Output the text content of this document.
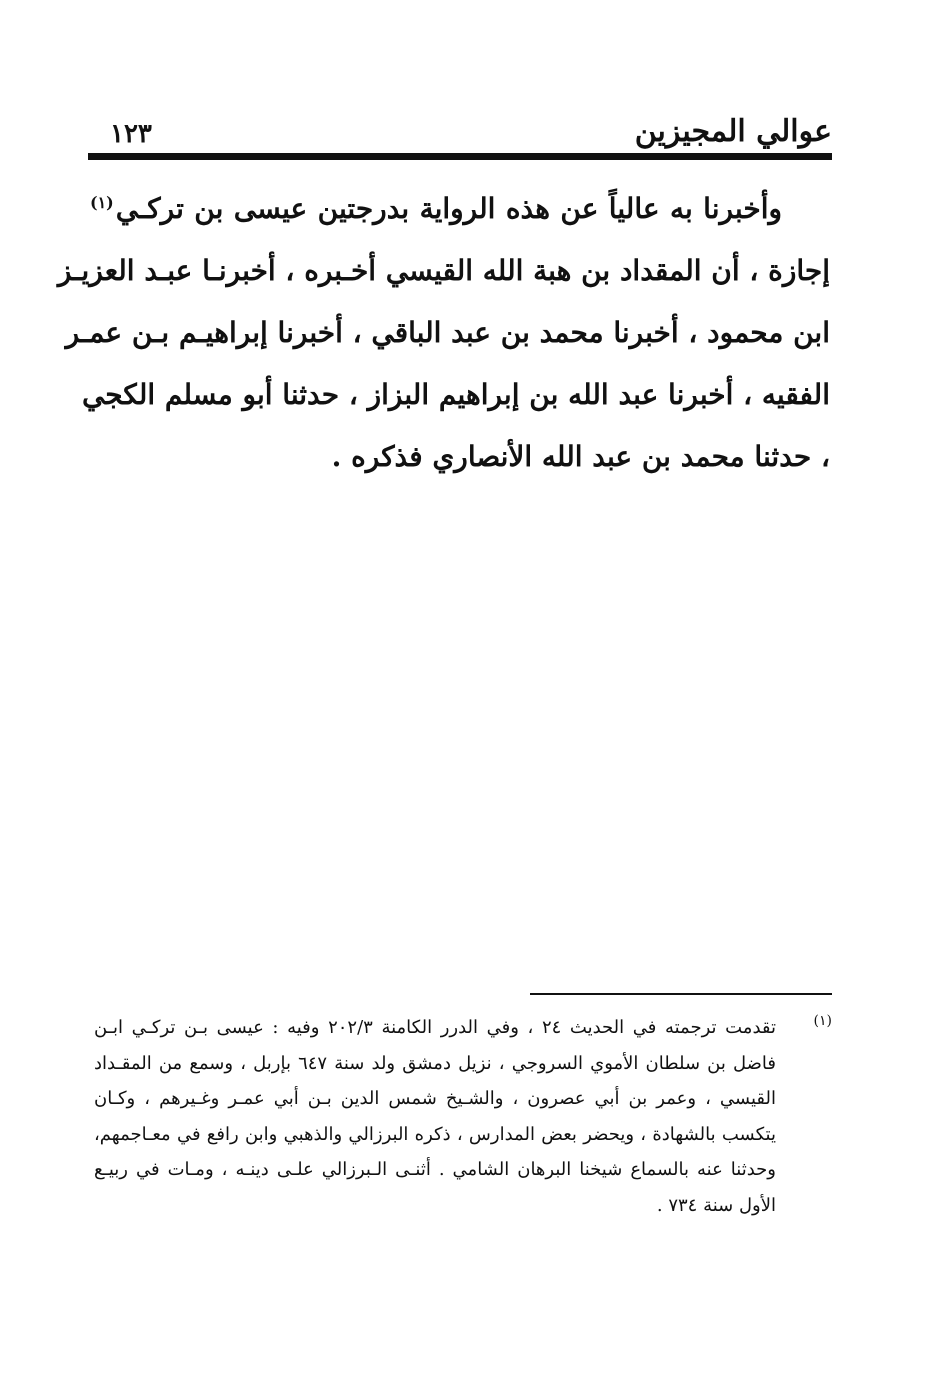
عوالي المجيزين
١٢٣
وأخبرنا به عالياً عن هذه الرواية بدرجتين عيسى بن تركـي$^{(١)}$
إجازة ، أن المقداد بن هبة الله القيسي أخـبره ، أخبرنـا عبـد العزيـز
ابن محمود ، أخبرنا محمد بن عبد الباقي ، أخبرنا إبراهيـم بـن عمـر
الفقيه ، أخبرنا عبد الله بن إبراهيم البزاز ، حدثنا أبو مسلم الكجي
، حدثنا محمد بن عبد الله الأنصاري فذكره .
(١)
تقدمت ترجمته في الحديث ٢٤ ، وفي الدرر الكامنة ٢٠٢/٣ وفيه : عيسى بـن تركـي ابـن
فاضل بن سلطان الأموي السروجي ، نزيل دمشق ولد سنة ٦٤٧ بإربل ، وسمع من المقـداد
القيسي ، وعمر بن أبي عصرون ، والشـيخ شمس الدين بـن أبي عمـر وغـيرهم ، وكـان
يتكسب بالشهادة ، ويحضر بعض المدارس ، ذكره البرزالي والذهبي وابن رافع في معـاجمهم،
وحدثنا عنه بالسماع شيخنا البرهان الشامي . أثنـى الـبرزالي علـى دينـه ، ومـات في ربيـع
الأول سنة ٧٣٤ .
